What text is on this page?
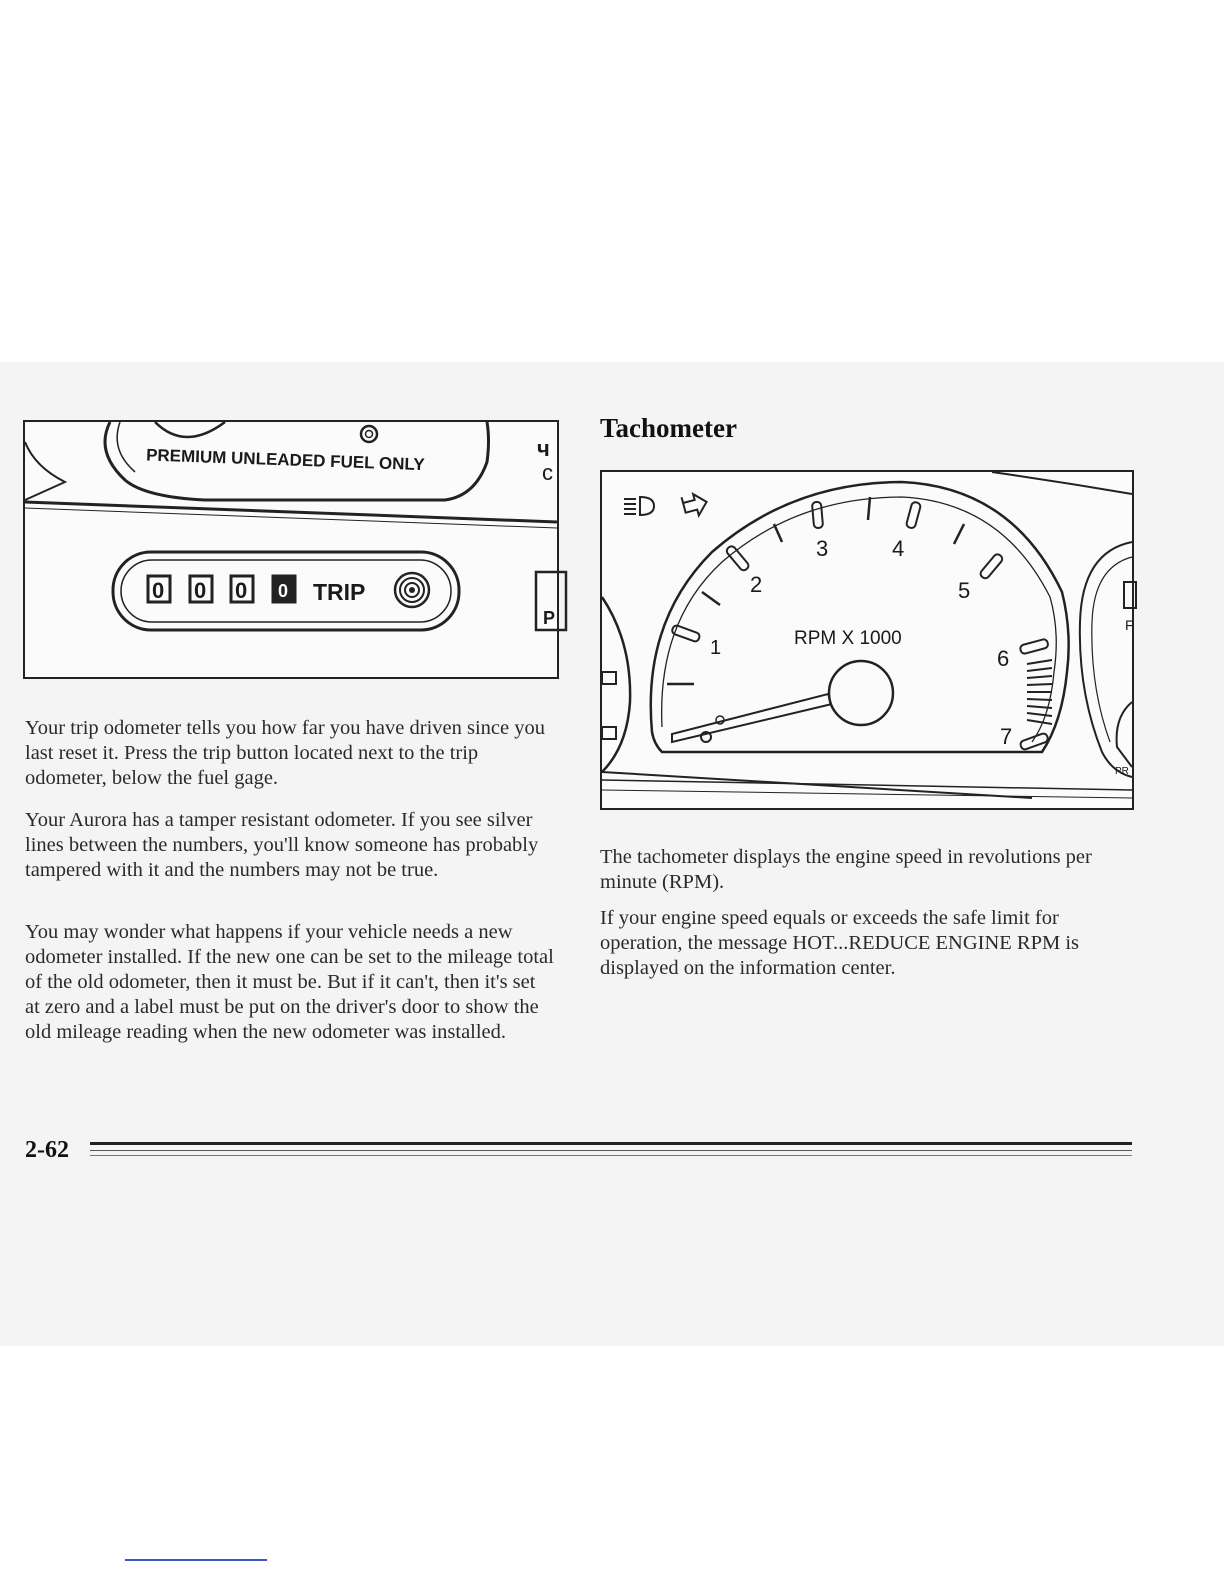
PREMIUM UNLEADED FUEL ONLY	ч
c
P
0 0 0 0 TRIP

Your trip odometer tells you how far you have driven since you last reset it. Press the trip button located next to the trip odometer, below the fuel gage.

Your Aurora has a tamper resistant odometer. If you see silver lines between the numbers, you'll know someone has probably tampered with it and the numbers may not be true.

You may wonder what happens if your vehicle needs a new odometer installed. If the new one can be set to the mileage total of the old odometer, then it must be. But if it can't, then it's set at zero and a label must be put on the driver's door to show the old mileage reading when the new odometer was installed.

Tachometer
1
2
3	4
5
6
7
RPM X 1000
F
PR

The tachometer displays the engine speed in revolutions per minute (RPM).

If your engine speed equals or exceeds the safe limit for operation, the message HOT...REDUCE ENGINE RPM is displayed on the information center.

2-62
